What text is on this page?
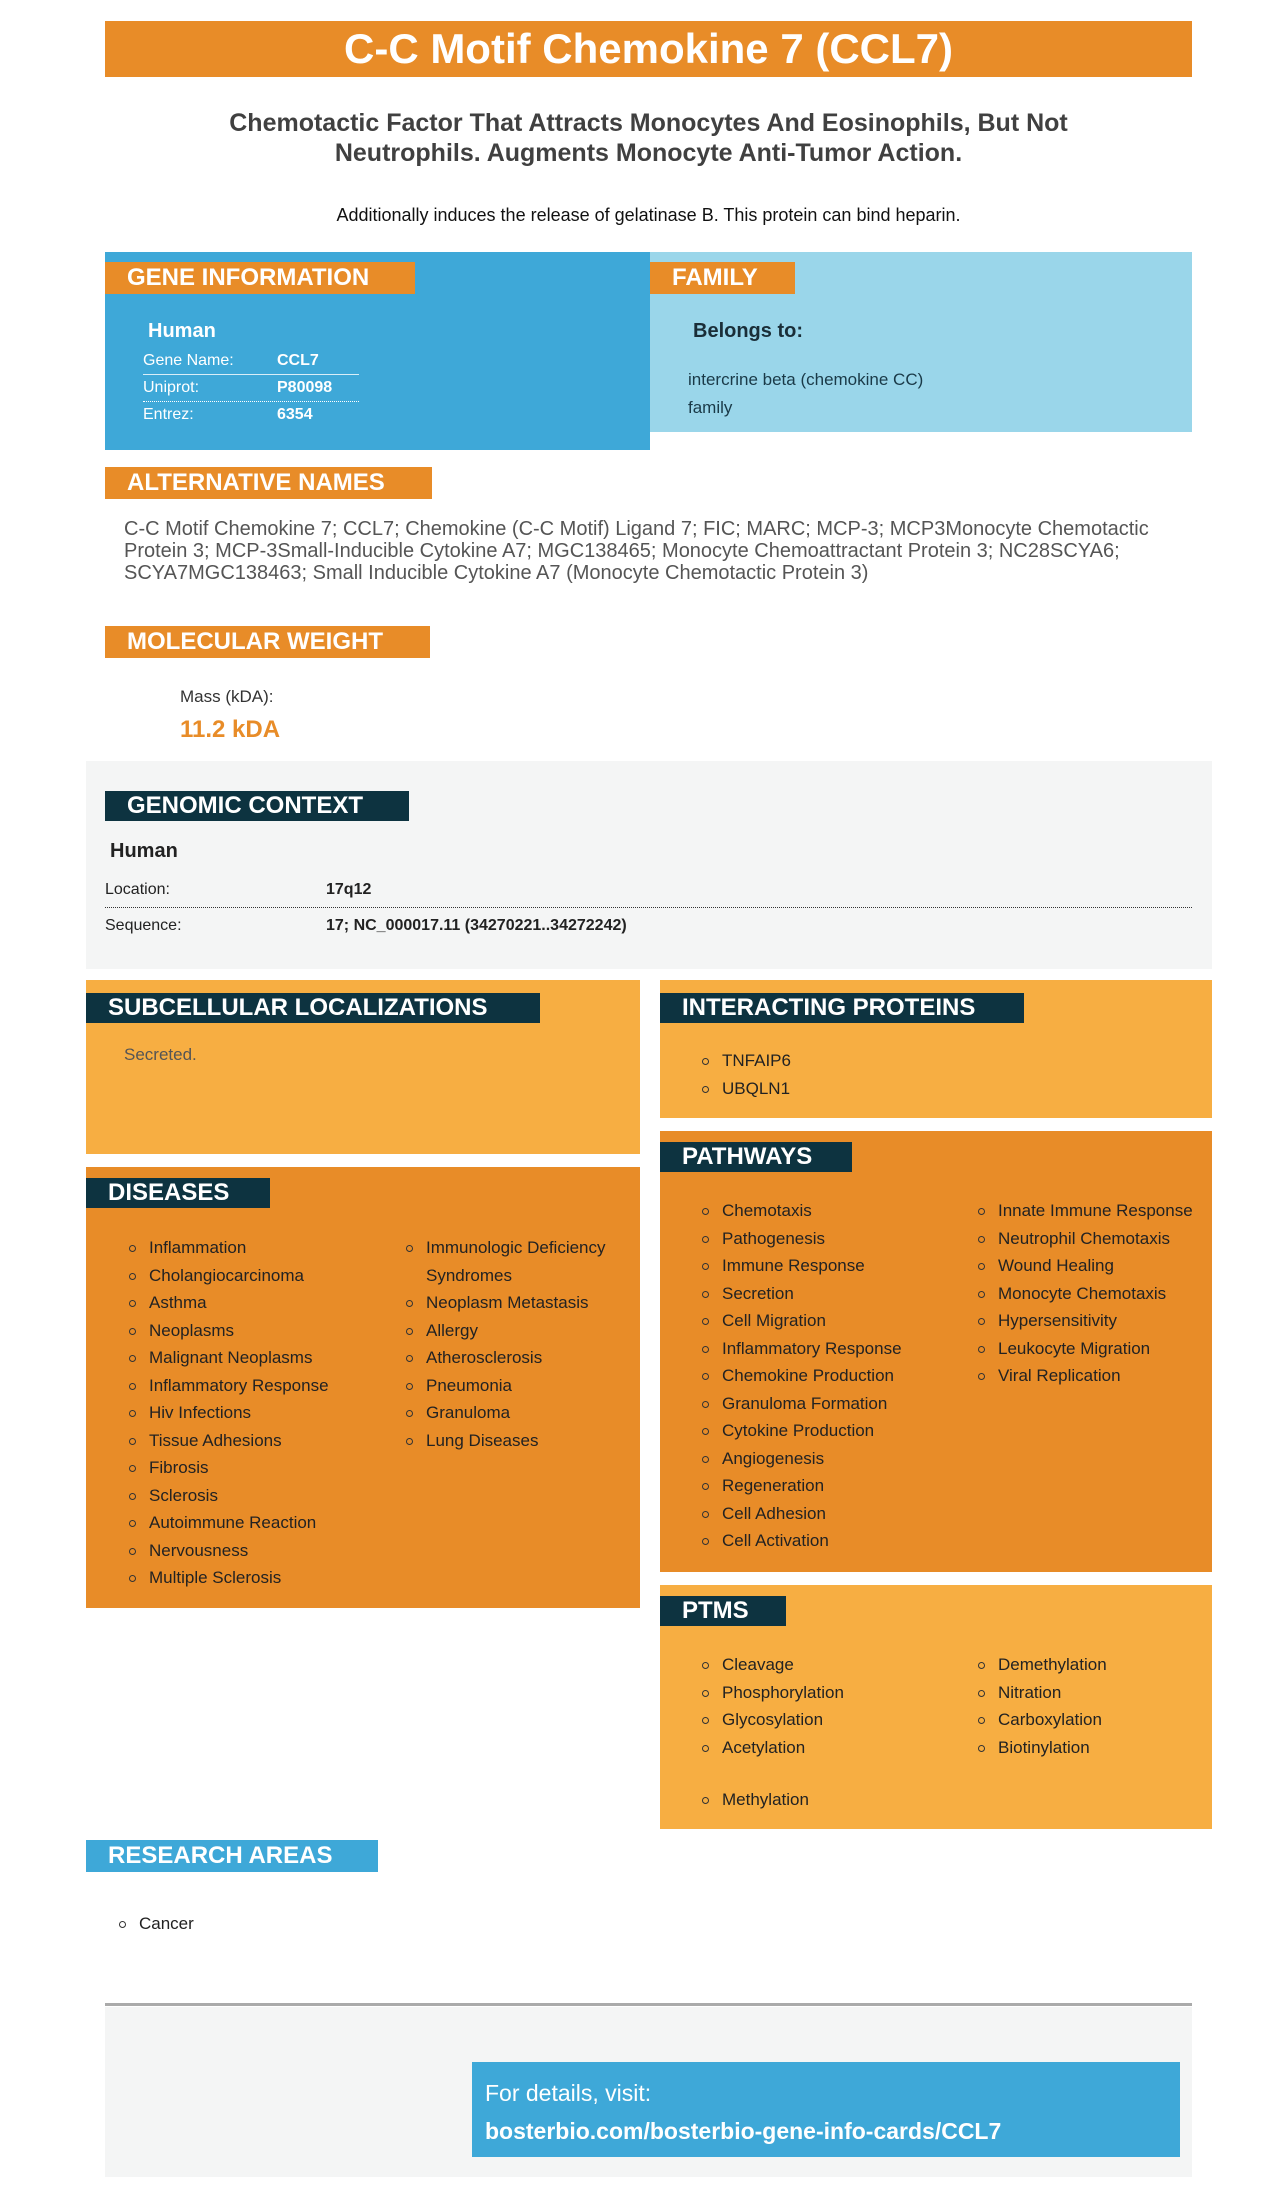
C-C Motif Chemokine 7 (CCL7)
Chemotactic Factor That Attracts Monocytes And Eosinophils, But Not Neutrophils. Augments Monocyte Anti-Tumor Action.
Additionally induces the release of gelatinase B. This protein can bind heparin.
GENE INFORMATION	FAMILY
Human
Gene Name:	CCL7
Uniprot:	P80098
Entrez:	6354
Belongs to:
intercrine beta (chemokine CC) family
ALTERNATIVE NAMES
C-C Motif Chemokine 7; CCL7; Chemokine (C-C Motif) Ligand 7; FIC; MARC; MCP-3; MCP3Monocyte Chemotactic Protein 3; MCP-3Small-Inducible Cytokine A7; MGC138465; Monocyte Chemoattractant Protein 3; NC28SCYA6; SCYA7MGC138463; Small Inducible Cytokine A7 (Monocyte Chemotactic Protein 3)
MOLECULAR WEIGHT
Mass (kDA):
11.2 kDA
GENOMIC CONTEXT
Human
Location:	17q12
Sequence:	17; NC_000017.11 (34270221..34272242)
SUBCELLULAR LOCALIZATIONS
Secreted.
INTERACTING PROTEINS
TNFAIP6
UBQLN1
DISEASES
Inflammation
Cholangiocarcinoma
Asthma
Neoplasms
Malignant Neoplasms
Inflammatory Response
Hiv Infections
Tissue Adhesions
Fibrosis
Sclerosis
Autoimmune Reaction
Nervousness
Multiple Sclerosis
Immunologic Deficiency Syndromes
Neoplasm Metastasis
Allergy
Atherosclerosis
Pneumonia
Granuloma
Lung Diseases
PATHWAYS
Chemotaxis
Pathogenesis
Immune Response
Secretion
Cell Migration
Inflammatory Response
Chemokine Production
Granuloma Formation
Cytokine Production
Angiogenesis
Regeneration
Cell Adhesion
Cell Activation
Innate Immune Response
Neutrophil Chemotaxis
Wound Healing
Monocyte Chemotaxis
Hypersensitivity
Leukocyte Migration
Viral Replication
PTMS
Cleavage
Phosphorylation
Glycosylation
Acetylation
Demethylation
Nitration
Carboxylation
Biotinylation
Methylation
RESEARCH AREAS
Cancer
For details, visit:
bosterbio.com/bosterbio-gene-info-cards/CCL7
